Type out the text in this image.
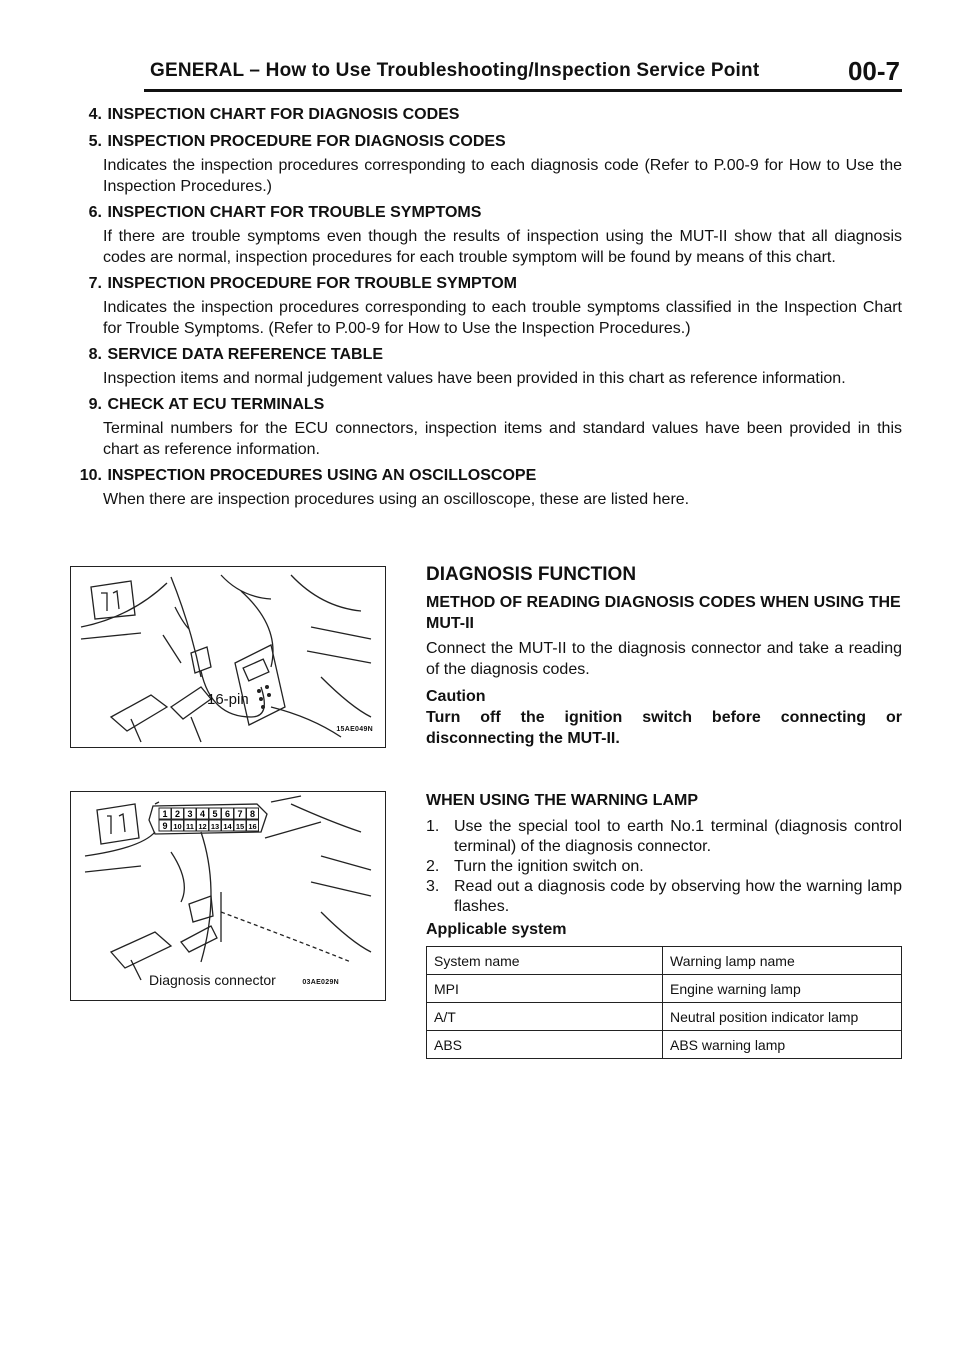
GENERAL – How to Use Troubleshooting/Inspection Service Point	00-7
4.
INSPECTION CHART FOR DIAGNOSIS CODES
5.
INSPECTION PROCEDURE FOR DIAGNOSIS CODES
Indicates the inspection procedures corresponding to each diagnosis code (Refer to P.00-9 for How to Use the Inspection Procedures.)
6.
INSPECTION CHART FOR TROUBLE SYMPTOMS
If there are trouble symptoms even though the results of inspection using the MUT-II show that all diagnosis codes are normal, inspection procedures for each trouble symptom will be found by means of this chart.
7.
INSPECTION PROCEDURE FOR TROUBLE SYMPTOM
Indicates the inspection procedures corresponding to each trouble symptoms classified in the Inspection Chart for Trouble Symptoms. (Refer to P.00-9 for How to Use the Inspection Procedures.)
8.
SERVICE DATA REFERENCE TABLE
Inspection items and normal judgement values have been provided in this chart as reference information.
9.
CHECK AT ECU TERMINALS
Terminal numbers for the ECU connectors, inspection items and standard values have been provided in this chart as reference information.
10.
INSPECTION PROCEDURES USING AN OSCILLOSCOPE
When there are inspection procedures using an oscilloscope, these are listed here.
16-pin
15AE049N
1 2 3 4 5 6 7 8
9 10 11 12 13 14 15 16
Diagnosis connector	03AE029N
DIAGNOSIS FUNCTION
METHOD OF READING DIAGNOSIS CODES WHEN USING THE MUT-II
Connect the MUT-II to the diagnosis connector and take a reading of the diagnosis codes.
Caution
Turn off the ignition switch before connecting or disconnecting the MUT-II.
WHEN USING THE WARNING LAMP
1. Use the special tool to earth No.1 terminal (diagnosis control terminal) of the diagnosis connector.
2. Turn the ignition switch on.
3. Read out a diagnosis code by observing how the warning lamp flashes.
Applicable system
System name	Warning lamp name
MPI	Engine warning lamp
A/T	Neutral position indicator lamp
ABS	ABS warning lamp
